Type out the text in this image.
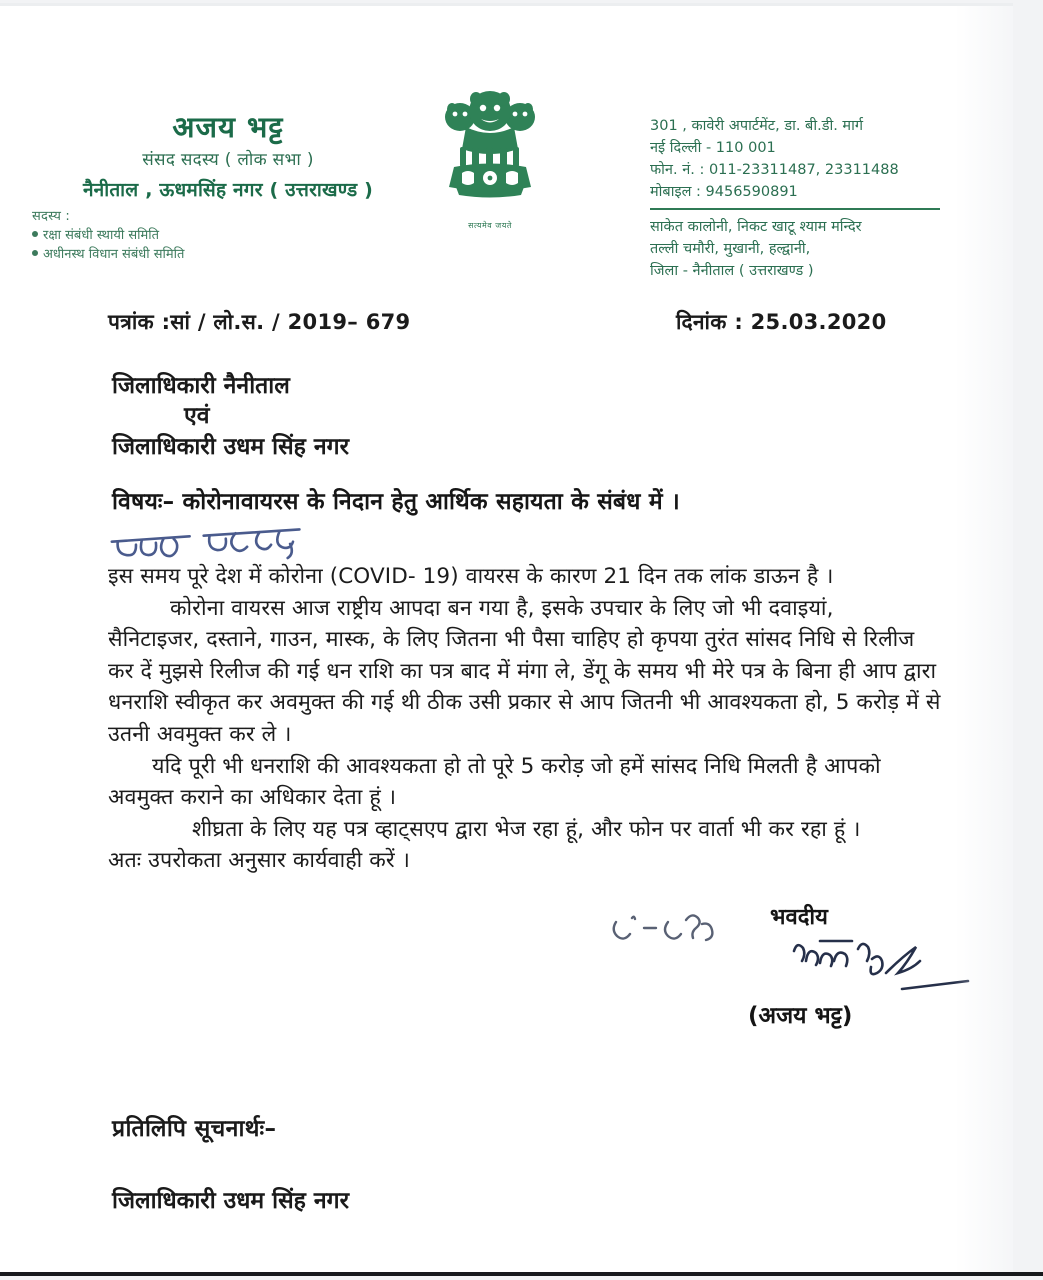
अजय भट्ट
संसद सदस्य ( लोक सभा )
नैनीताल , ऊधमसिंह नगर ( उत्तराखण्ड )
सदस्य :
रक्षा संबंधी स्थायी समिति
अधीनस्थ विधान संबंधी समिति
सत्यमेव जयते
301 , कावेरी अपार्टमेंट, डा. बी.डी. मार्ग
नई दिल्ली - 110 001
फोन. नं. : 011-23311487, 23311488
मोबाइल : 9456590891
साकेत कालोनी, निकट खाटू श्याम मन्दिर
तल्ली चमौरी, मुखानी, हल्द्वानी,
जिला - नैनीताल ( उत्तराखण्ड )
पत्रांक :सां / लो.स. / 2019– 679	दिनांक : 25.03.2020
जिलाधिकारी नैनीताल
एवं
जिलाधिकारी उधम सिंह नगर
विषयः– कोरोनावायरस के निदान हेतु आर्थिक सहायता के संबंध में ।
इस समय पूरे देश में कोरोना (COVID- 19) वायरस के कारण 21 दिन तक लांक डाऊन है ।
कोरोना वायरस आज राष्ट्रीय आपदा बन गया है, इसके उपचार के लिए जो भी दवाइयां,
सैनिटाइजर, दस्ताने, गाउन, मास्क, के लिए जितना भी पैसा चाहिए हो कृपया तुरंत सांसद निधि से रिलीज
कर दें मुझसे रिलीज की गई धन राशि का पत्र बाद में मंगा ले, डेंगू के समय भी मेरे पत्र के बिना ही आप द्वारा
धनराशि स्वीकृत कर अवमुक्त की गई थी ठीक उसी प्रकार से आप जितनी भी आवश्यकता हो, 5 करोड़ में से
उतनी अवमुक्त कर ले ।
यदि पूरी भी धनराशि की आवश्यकता हो तो पूरे 5 करोड़ जो हमें सांसद निधि मिलती है आपको
अवमुक्त कराने का अधिकार देता हूं ।
शीघ्रता के लिए यह पत्र व्हाट्सएप द्वारा भेज रहा हूं, और फोन पर वार्ता भी कर रहा हूं ।
अतः उपरोकता अनुसार कार्यवाही करें ।
भवदीय
(अजय भट्ट)
प्रतिलिपि सूचनार्थः–
जिलाधिकारी उधम सिंह नगर
